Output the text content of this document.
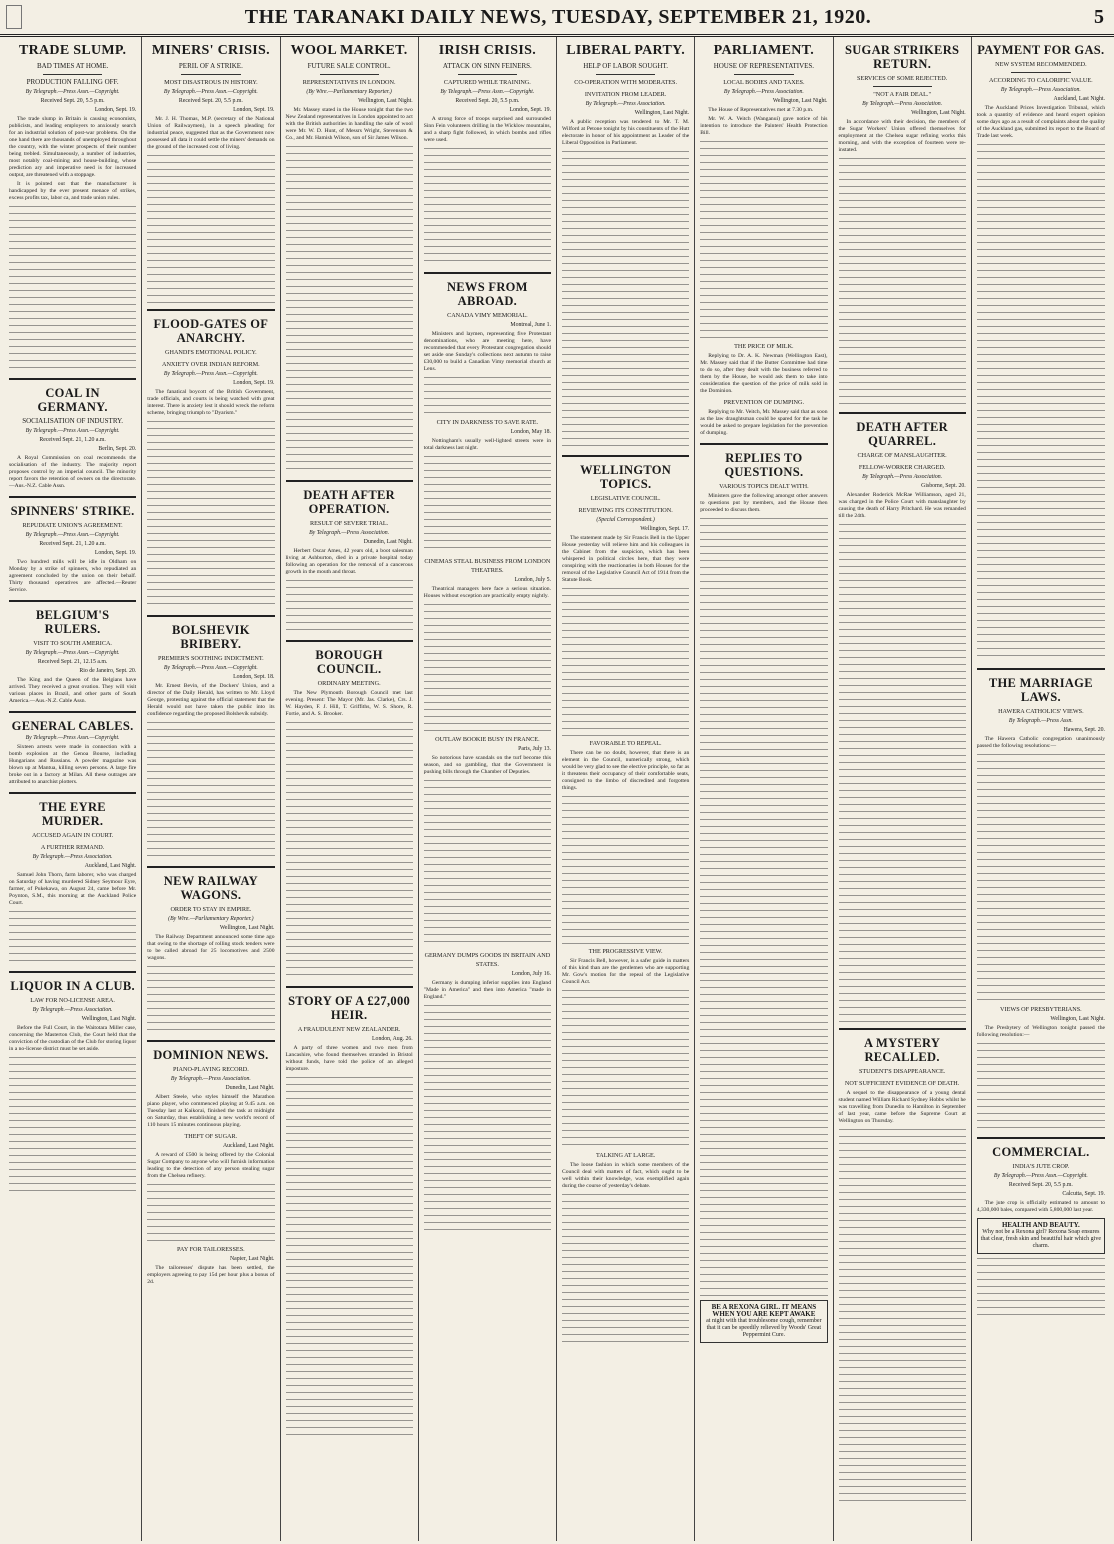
THE TARANAKI DAILY NEWS, TUESDAY, SEPTEMBER 21, 1920.	5
TRADE SLUMP.
BAD TIMES AT HOME.
PRODUCTION FALLING OFF.
By Telegraph.—Press Assn.—Copyright.
Received Sept. 20, 5.5 p.m.
London, Sept. 19.

The trade slump in Britain is causing economists, publicists, and leading employers to anxiously search for an industrial solution of post-war problems. On the one hand there are thousands of unemployed throughout the country, with the winter prospects of their number being trebled. Simultaneously, a number of industries, most notably coal-mining and house-building, whose prediction ary and imperative need is for increased output, are threatened with a stoppage.

It is pointed out that the manufacturer is handicapped by the ever present menace of strikes, excess profits tax, labor ca, and trade union rules.

COAL IN GERMANY.
SOCIALISATION OF INDUSTRY.
By Telegraph.—Press Assn.—Copyright.
Received Sept. 21, 1.20 a.m.
Berlin, Sept. 20.

A Royal Commission on coal recommends the socialisation of the industry. The majority report proposes control by an imperial council. The minority report favors the retention of owners on the directorate.—Aus.-N.Z. Cable Assn.

SPINNERS' STRIKE.
REPUDIATE UNION'S AGREEMENT.
By Telegraph.—Press Assn.—Copyright.
Received Sept. 21, 1.20 a.m.
London, Sept. 19.

Two hundred mills will be idle in Oldham on Monday by a strike of spinners, who repudiated an agreement concluded by the union on their behalf. Thirty thousand operatives are affected.—Reuter Service.

BELGIUM'S RULERS.
VISIT TO SOUTH AMERICA.
By Telegraph.—Press Assn.—Copyright.
Received Sept. 21, 12.15 a.m.
Rio de Janeiro, Sept. 20.

The King and the Queen of the Belgians have arrived. They received a great ovation. They will visit various places in Brazil, and other parts of South America.—Aus.-N.Z. Cable Assn.

GENERAL CABLES.
By Telegraph.—Press Assn.—Copyright.

Sixteen arrests were made in connection with a bomb explosion at the Genoa Bourse, including Hungarians and Russians. A powder magazine was blown up at Mantua, killing seven persons. A large fire broke out in a factory at Milan. All these outrages are attributed to anarchist plotters.

THE EYRE MURDER.
ACCUSED AGAIN IN COURT.
A FURTHER REMAND.
By Telegraph.—Press Association.
Auckland, Last Night.

Samuel John Thorn, farm laborer, who was charged on Saturday of having murdered Sidney Seymour Eyre, farmer, of Pukekawa, on August 24, came before Mr. Poynton, S.M., this morning at the Auckland Police Court.

LIQUOR IN A CLUB.
LAW FOR NO-LICENSE AREA.
By Telegraph.—Press Association.
Wellington, Last Night.

Before the Full Court, in the Waitotara Miller case, concerning the Masterton Club, the Court held that the conviction of the custodian of the Club for storing liquor in a no-license district must be set aside.

MINERS' CRISIS.
PERIL OF A STRIKE.
MOST DISASTROUS IN HISTORY.
By Telegraph.—Press Assn.—Copyright.
Received Sept. 20, 5.5 p.m.
London, Sept. 19.

Mr. J. H. Thomas, M.P. (secretary of the National Union of Railwaymen), in a speech pleading for industrial peace, suggested that as the Government now possessed all data it could settle the miners' demands on the ground of the increased cost of living.

FLOOD-GATES OF ANARCHY.
GHANDI'S EMOTIONAL POLICY.
ANXIETY OVER INDIAN REFORM.
By Telegraph.—Press Assn.—Copyright.
London, Sept. 19.

The fanatical boycott of the British Government, trade officials, and courts is being watched with great interest. There is anxiety lest it should wreck the reform scheme, bringing triumph to "Dyarism."

BOLSHEVIK BRIBERY.
PREMIER'S SOOTHING INDICTMENT.
By Telegraph.—Press Assn.—Copyright.
London, Sept. 18.

Mr. Ernest Bevin, of the Dockers' Union, and a director of the Daily Herald, has written to Mr. Lloyd George, protesting against the official statement that the Herald would not have taken the public into its confidence regarding the proposed Bolshevik subsidy.

NEW RAILWAY WAGONS.
ORDER TO STAY IN EMPIRE.
(By Wire.—Parliamentary Reporter.)
Wellington, Last Night.

The Railway Department announced some time ago that owing to the shortage of rolling stock tenders were to be called abroad for 25 locomotives and 2500 wagons.

DOMINION NEWS.
PIANO-PLAYING RECORD.
By Telegraph.—Press Association.
Dunedin, Last Night.

Albert Steele, who styles himself the Marathon piano player, who commenced playing at 9.45 a.m. on Tuesday last at Kaikorai, finished the task at midnight on Saturday, thus establishing a new world's record of 110 hours 15 minutes continuous playing.

THEFT OF SUGAR.
Auckland, Last Night.

A reward of £500 is being offered by the Colonial Sugar Company to anyone who will furnish information leading to the detection of any person stealing sugar from the Chelsea refinery.

PAY FOR TAILORESSES.
Napier, Last Night.

The tailoresses' dispute has been settled, the employers agreeing to pay 15d per hour plus a bonus of 2d.

WOOL MARKET.
FUTURE SALE CONTROL.
REPRESENTATIVES IN LONDON.
(By Wire.—Parliamentary Reporter.)
Wellington, Last Night.

Mr. Massey stated in the House tonight that the two New Zealand representatives in London appointed to act with the British authorities in handling the sale of wool were Mr. W. D. Hunt, of Messrs Wright, Stevenson & Co., and Mr. Hamish Wilson, son of Sir James Wilson.

DEATH AFTER OPERATION.
RESULT OF SEVERE TRIAL.
By Telegraph.—Press Association.
Dunedin, Last Night.

Herbert Oscar Ames, 42 years old, a boot salesman living at Ashburton, died in a private hospital today following an operation for the removal of a cancerous growth in the mouth and throat.

BOROUGH COUNCIL.
ORDINARY MEETING.

The New Plymouth Borough Council met last evening. Present: The Mayor (Mr. Jas. Clarke), Crs. J. W. Hayden, F. J. Hill, T. Griffiths, W. S. Shore, R. Fortie, and A. S. Brooker.

STORY OF A £27,000 HEIR.
A FRAUDULENT NEW ZEALANDER.
London, Aug. 26.

A party of three women and two men from Lancashire, who found themselves stranded in Bristol without funds, have told the police of an alleged imposture.

IRISH CRISIS.
ATTACK ON SINN FEINERS.
CAPTURED WHILE TRAINING.
By Telegraph.—Press Assn.—Copyright.
Received Sept. 20, 5.5 p.m.
London, Sept. 19.

A strong force of troops surprised and surrounded Sinn Fein volunteers drilling in the Wicklow mountains, and a sharp fight followed, in which bombs and rifles were used.

NEWS FROM ABROAD.
CANADA VIMY MEMORIAL.
Montreal, June 1.

Ministers and laymen, representing five Protestant denominations, who are meeting here, have recommended that every Protestant congregation should set aside one Sunday's collections next autumn to raise £30,000 to build a Canadian Vimy memorial church at Lens.

CITY IN DARKNESS TO SAVE RATE.
London, May 18.

Nottingham's usually well-lighted streets were in total darkness last night.

CINEMAS STEAL BUSINESS FROM LONDON THEATRES.
London, July 5.

Theatrical managers here face a serious situation. Houses without exception are practically empty nightly.

OUTLAW BOOKIE BUSY IN FRANCE.
Paris, July 13.

So notorious have scandals on the turf become this season, and so gambling, that the Government is pushing bills through the Chamber of Deputies.

GERMANY DUMPS GOODS IN BRITAIN AND STATES.
London, July 16.

Germany is dumping inferior supplies into England "Made in America" and then into America "made in England."

LIBERAL PARTY.
HELP OF LABOR SOUGHT.
CO-OPERATION WITH MODERATES.
INVITATION FROM LEADER.
By Telegraph.—Press Association.
Wellington, Last Night.

A public reception was tendered to Mr. T. M. Wilford at Petone tonight by his constituents of the Hutt electorate in honor of his appointment as Leader of the Liberal Opposition in Parliament.

WELLINGTON TOPICS.
LEGISLATIVE COUNCIL.
REVIEWING ITS CONSTITUTION.
(Special Correspondent.)
Wellington, Sept. 17.

The statement made by Sir Francis Bell in the Upper House yesterday will relieve him and his colleagues in the Cabinet from the suspicion, which has been whispered in political circles here, that they were conspiring with the reactionaries in both Houses for the removal of the Legislative Council Act of 1914 from the Statute Book.

FAVORABLE TO REPEAL.

There can be no doubt, however, that there is an element in the Council, numerically strong, which would be very glad to see the elective principle, so far as it threatens their occupancy of their comfortable seats, consigned to the limbo of discredited and forgotten things.

THE PROGRESSIVE VIEW.

Sir Francis Bell, however, is a safer guide in matters of this kind than are the gentlemen who are supporting Mr. Gow's motion for the repeal of the Legislative Council Act.

TALKING AT LARGE.

The loose fashion in which some members of the Council deal with matters of fact, which ought to be well within their knowledge, was exemplified again during the course of yesterday's debate.

PARLIAMENT.
HOUSE OF REPRESENTATIVES.
LOCAL BODIES AND TAXES.
By Telegraph.—Press Association.
Wellington, Last Night.

The House of Representatives met at 7.30 p.m.

Mr. W. A. Veitch (Wanganui) gave notice of his intention to introduce the Painters' Health Protection Bill.

THE PRICE OF MILK.

Replying to Dr. A. K. Newman (Wellington East), Mr. Massey said that if the Butter Committee had time to do so, after they dealt with the business referred to them by the House, he would ask them to take into consideration the question of the price of milk sold in the Dominion.

PREVENTION OF DUMPING.

Replying to Mr. Veitch, Mr. Massey said that as soon as the law draughtsman could be spared for the task he would be asked to prepare legislation for the prevention of dumping.

REPLIES TO QUESTIONS.
VARIOUS TOPICS DEALT WITH.

Ministers gave the following amongst other answers to questions put by members, and the House then proceeded to discuss them.

BE A REXONA GIRL. IT MEANS WHEN YOU ARE KEPT AWAKE
at night with that troublesome cough, remember that it can be speedily relieved by Woods' Great Peppermint Cure.
SUGAR STRIKERS RETURN.
SERVICES OF SOME REJECTED.
"NOT A FAIR DEAL."
By Telegraph.—Press Association.
Wellington, Last Night.

In accordance with their decision, the members of the Sugar Workers' Union offered themselves for employment at the Chelsea sugar refining works this morning, and with the exception of fourteen were re-instated.

DEATH AFTER QUARREL.
CHARGE OF MANSLAUGHTER.
FELLOW-WORKER CHARGED.
By Telegraph.—Press Association.
Gisborne, Sept. 20.

Alexander Roderick McRae Williamson, aged 21, was charged in the Police Court with manslaughter by causing the death of Harry Pritchard. He was remanded till the 24th.

A MYSTERY RECALLED.
STUDENT'S DISAPPEARANCE.
NOT SUFFICIENT EVIDENCE OF DEATH.

A sequel to the disappearance of a young dental student named William Richard Sydney Hobbs whilst he was travelling from Dunedin to Hamilton in September of last year, came before the Supreme Court at Wellington on Thursday.

PAYMENT FOR GAS.
NEW SYSTEM RECOMMENDED.
ACCORDING TO CALORIFIC VALUE.
By Telegraph.—Press Association.
Auckland, Last Night.

The Auckland Prices Investigation Tribunal, which took a quantity of evidence and heard expert opinion some days ago as a result of complaints about the quality of the Auckland gas, submitted its report to the Board of Trade last week.

THE MARRIAGE LAWS.
HAWERA CATHOLICS' VIEWS.
By Telegraph.—Press Assn.
Hawera, Sept. 20.

The Hawera Catholic congregation unanimously passed the following resolutions:—

VIEWS OF PRESBYTERIANS.
Wellington, Last Night.

The Presbytery of Wellington tonight passed the following resolution:—

COMMERCIAL.
INDIA'S JUTE CROP.
By Telegraph.—Press Assn.—Copyright.
Received Sept. 20, 5.5 p.m.
Calcutta, Sept. 19.

The jute crop is officially estimated to amount to 4,330,000 bales, compared with 5,800,000 last year.

HEALTH AND BEAUTY.
Why not be a Rexona girl? Rexona Soap ensures that clear, fresh skin and beautiful hair which give charm.
